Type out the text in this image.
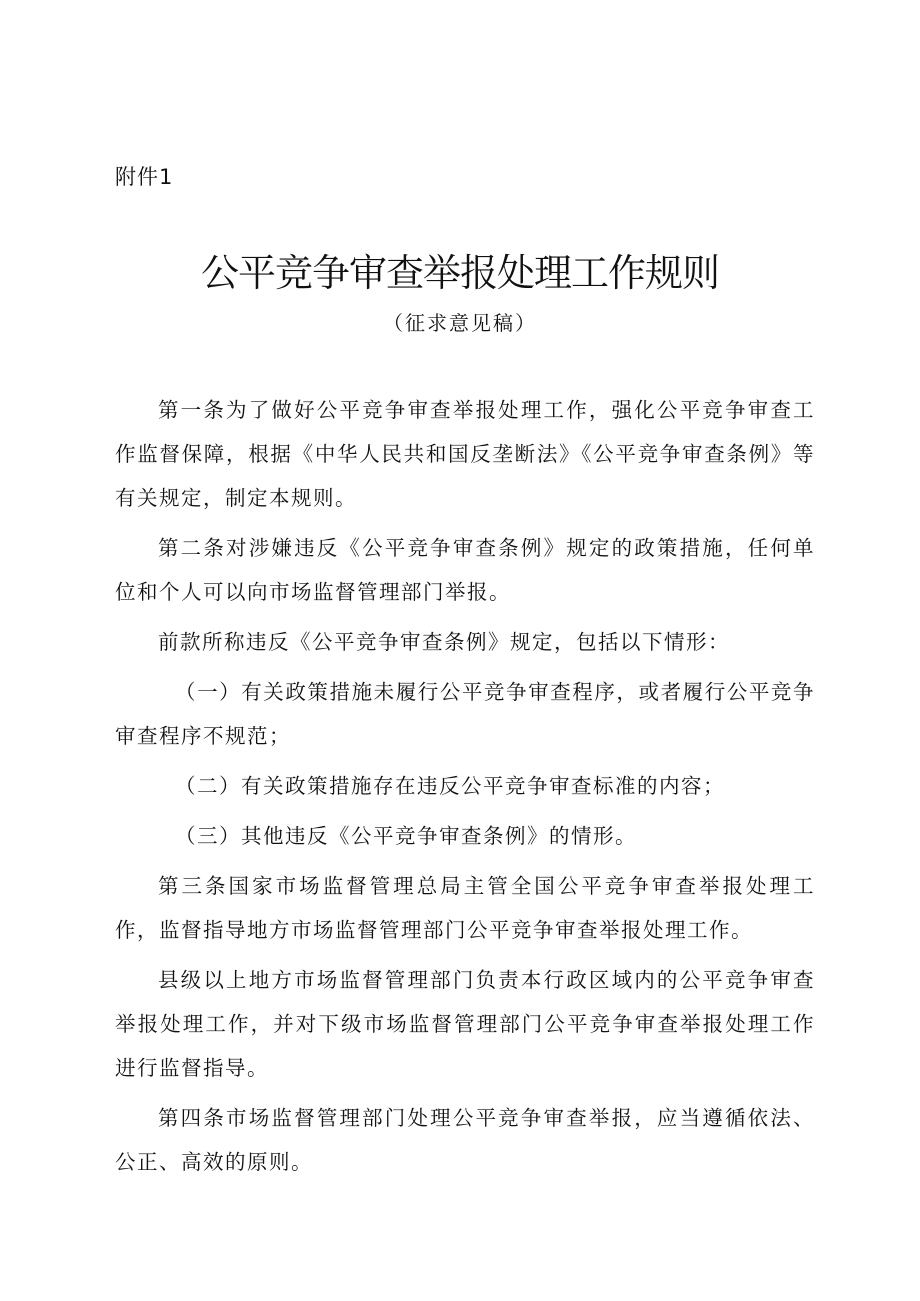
附件1
公平竞争审查举报处理工作规则
（征求意见稿）

第一条为了做好公平竞争审查举报处理工作，强化公平竞争审查工作监督保障，根据《中华人民共和国反垄断法》《公平竞争审查条例》等有关规定，制定本规则。

第二条对涉嫌违反《公平竞争审查条例》规定的政策措施，任何单位和个人可以向市场监督管理部门举报。

前款所称违反《公平竞争审查条例》规定，包括以下情形：

（一）有关政策措施未履行公平竞争审查程序，或者履行公平竞争审查程序不规范；

（二）有关政策措施存在违反公平竞争审查标准的内容；

（三）其他违反《公平竞争审查条例》的情形。

第三条国家市场监督管理总局主管全国公平竞争审查举报处理工作，监督指导地方市场监督管理部门公平竞争审查举报处理工作。

县级以上地方市场监督管理部门负责本行政区域内的公平竞争审查举报处理工作，并对下级市场监督管理部门公平竞争审查举报处理工作进行监督指导。

第四条市场监督管理部门处理公平竞争审查举报，应当遵循依法、公正、高效的原则。
